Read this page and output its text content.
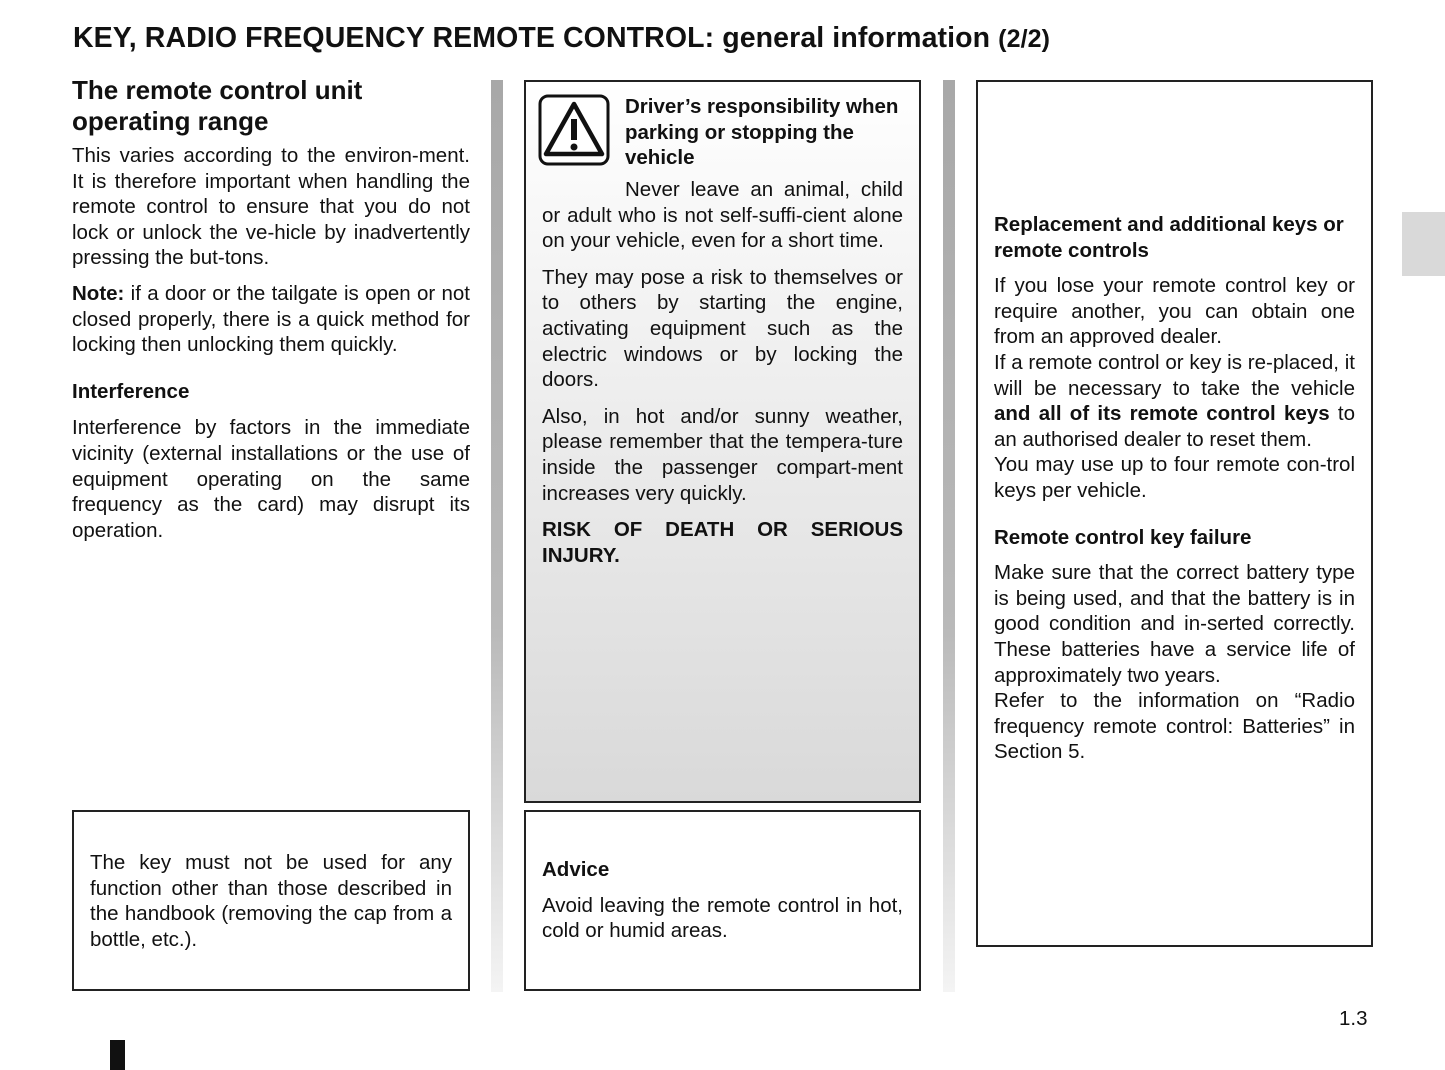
KEY, RADIO FREQUENCY REMOTE CONTROL: general information (2/2)

The remote control unit operating range

This varies according to the environ-ment. It is therefore important when handling the remote control to ensure that you do not lock or unlock the ve-hicle by inadvertently pressing the but-tons.

Note: if a door or the tailgate is open or not closed properly, there is a quick method for locking then unlocking them quickly.

Interference

Interference by factors in the immediate vicinity (external installations or the use of equipment operating on the same frequency as the card) may disrupt its operation.

The key must not be used for any function other than those described in the handbook (removing the cap from a bottle, etc.).

Driver’s responsibility when parking or stopping the vehicle

Never leave an animal, child or adult who is not self-suffi-cient alone on your vehicle, even for a short time.

They may pose a risk to themselves or to others by starting the engine, activating equipment such as the electric windows or by locking the doors.

Also, in hot and/or sunny weather, please remember that the tempera-ture inside the passenger compart-ment increases very quickly.

RISK OF DEATH OR SERIOUS INJURY.

Advice

Avoid leaving the remote control in hot, cold or humid areas.

Replacement and additional keys or remote controls

If you lose your remote control key or require another, you can obtain one from an approved dealer.

If a remote control or key is re-placed, it will be necessary to take the vehicle and all of its remote control keys to an authorised dealer to reset them.

You may use up to four remote con-trol keys per vehicle.

Remote control key failure

Make sure that the correct battery type is being used, and that the battery is in good condition and in-serted correctly. These batteries have a service life of approximately two years.

Refer to the information on “Radio frequency remote control: Batteries” in Section 5.

1.3
